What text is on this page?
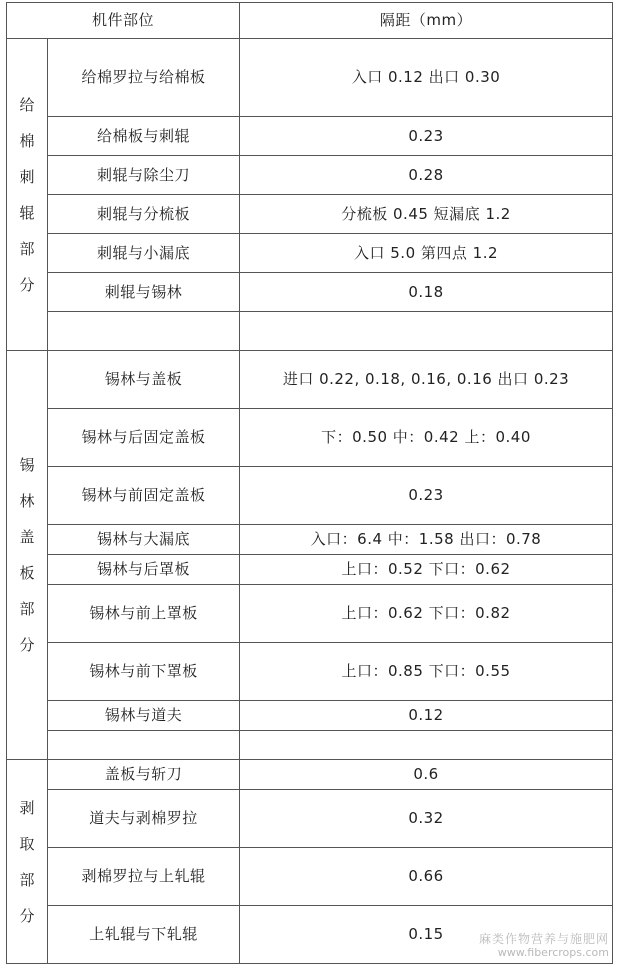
机件部位		隔距（mm）

给棉刺辊部分	给棉罗拉与给棉板	入口 0.12 出口 0.30
	给棉板与刺辊	0.23
	刺辊与除尘刀	0.28
	刺辊与分梳板	分梳板 0.45 短漏底 1.2
	刺辊与小漏底	入口 5.0 第四点 1.2
	刺辊与锡林	0.18

锡林盖板部分	锡林与盖板	进口 0.22, 0.18, 0.16, 0.16 出口 0.23
	锡林与后固定盖板	下：0.50 中：0.42 上：0.40
	锡林与前固定盖板	0.23
	锡林与大漏底	入口：6.4 中：1.58 出口：0.78
	锡林与后罩板	上口：0.52 下口：0.62
	锡林与前上罩板	上口：0.62 下口：0.82
	锡林与前下罩板	上口：0.85 下口：0.55
	锡林与道夫	0.12

剥取部分	盖板与斩刀	0.6
	道夫与剥棉罗拉	0.32
	剥棉罗拉与上轧辊	0.66
	上轧辊与下轧辊	0.15	麻类作物营养与施肥网
www.fibercrops.com
